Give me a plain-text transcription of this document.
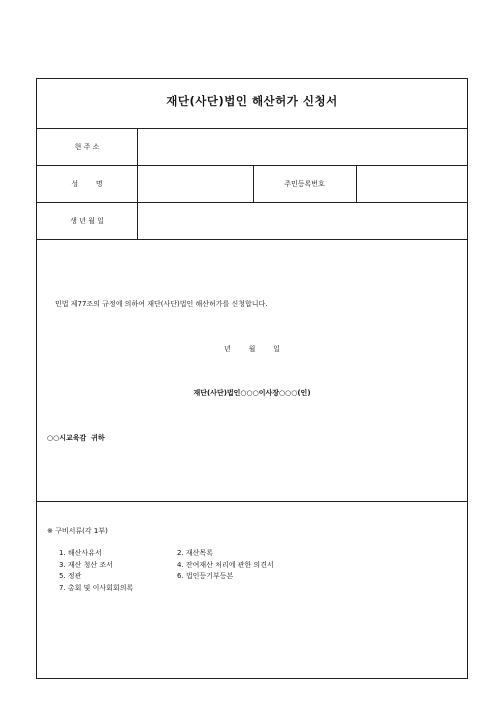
재단(사단)법인 해산허가 신청서
현 주 소
성        명	주민등록번호
생 년 월 일
민법 제77조의 규정에 의하여 재단(사단)법인 해산허가를 신청합니다.
년        월        일
재단(사단)법인○○○이사장○○○(인)
○○시교육감  귀하
※ 구비서류(각 1부)
1. 해산사유서	2. 재산목록
3. 재산 청산 조서	4. 잔여재산 처리에 관한 의견서
5. 정관	6. 법인등기부등본
7. 총회 및 이사회회의록
